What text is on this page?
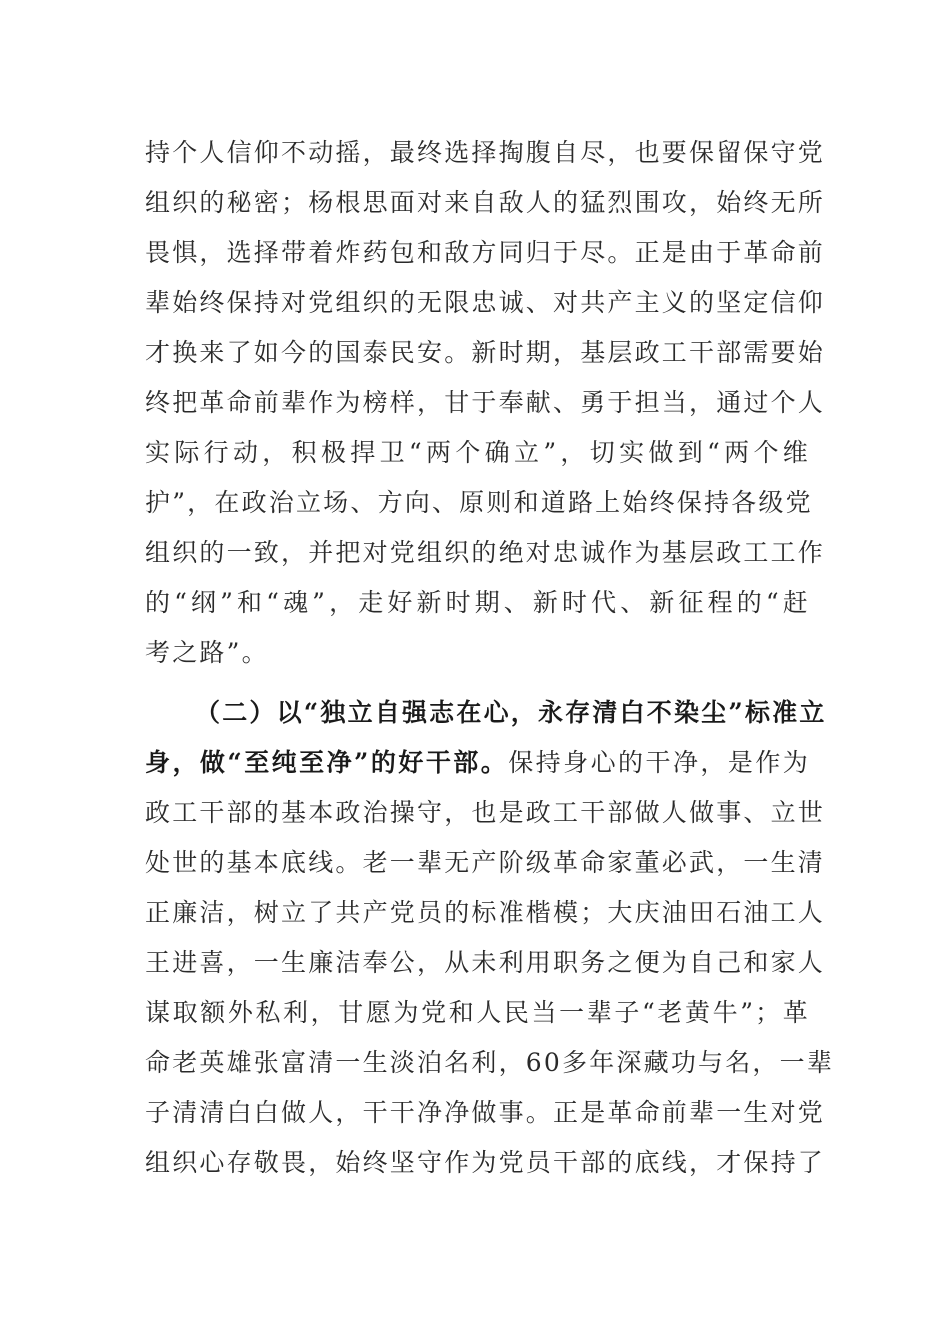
持个人信仰不动摇，最终选择掏腹自尽，也要保留保守党
组织的秘密；杨根思面对来自敌人的猛烈围攻，始终无所
畏惧，选择带着炸药包和敌方同归于尽。正是由于革命前
辈始终保持对党组织的无限忠诚、对共产主义的坚定信仰
才换来了如今的国泰民安。新时期，基层政工干部需要始
终把革命前辈作为榜样，甘于奉献、勇于担当，通过个人
实际行动，积极捍卫“两个确立”，切实做到“两个维
护”，在政治立场、方向、原则和道路上始终保持各级党
组织的一致，并把对党组织的绝对忠诚作为基层政工工作
的“纲”和“魂”，走好新时期、新时代、新征程的“赶
考之路”。
（二）以“独立自强志在心，永存清白不染尘”标准立
身，做“至纯至净”的好干部。保持身心的干净，是作为
政工干部的基本政治操守，也是政工干部做人做事、立世
处世的基本底线。老一辈无产阶级革命家董必武，一生清
正廉洁，树立了共产党员的标准楷模；大庆油田石油工人
王进喜，一生廉洁奉公，从未利用职务之便为自己和家人
谋取额外私利，甘愿为党和人民当一辈子“老黄牛”；革
命老英雄张富清一生淡泊名利，60多年深藏功与名，一辈
子清清白白做人，干干净净做事。正是革命前辈一生对党
组织心存敬畏，始终坚守作为党员干部的底线，才保持了
